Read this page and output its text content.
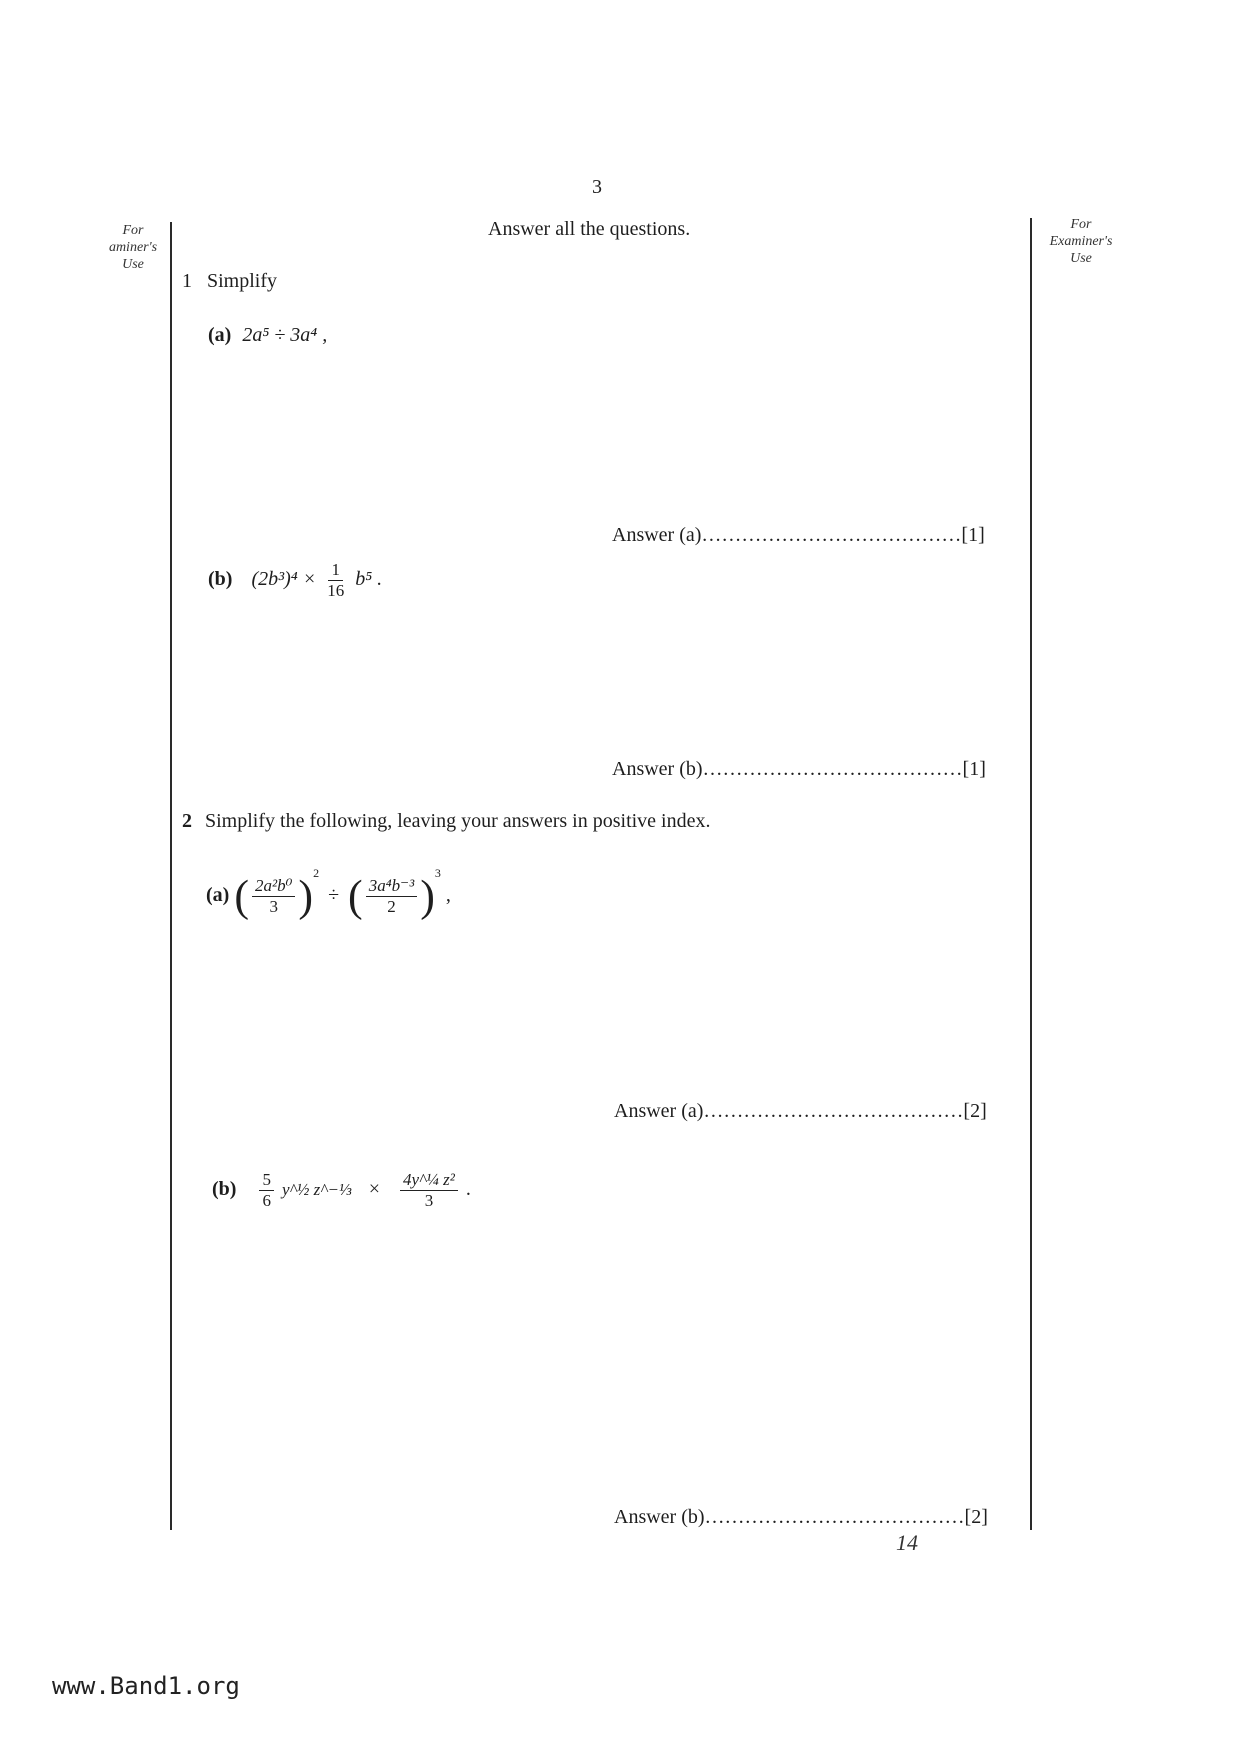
3
For
aminer's
Use
For
Examiner's
Use
Answer all the questions.
1 Simplify
(a) 2a⁵ ÷ 3a⁴ ,
Answer (a)…………………………………[1]
(b) $(2b^3)^4 \times \frac{1}{16} b^5$ .
Answer (b)…………………………………[1]
2 Simplify the following, leaving your answers in positive index.
(a) ( $\frac{\text{2a²b⁰}}{3} )^2$ ÷ ( $\frac{\text{3a⁴b⁻³}}{2} )^3$ ,
Answer (a)…………………………………[2]
$(b) \frac{5}{6}$ y^½ z^−⅓ × $\frac{\text{4y\textasciicircum{}¼ z²}}{3}$ .
Answer (b)…………………………………[2]
14
www.Band1.org
